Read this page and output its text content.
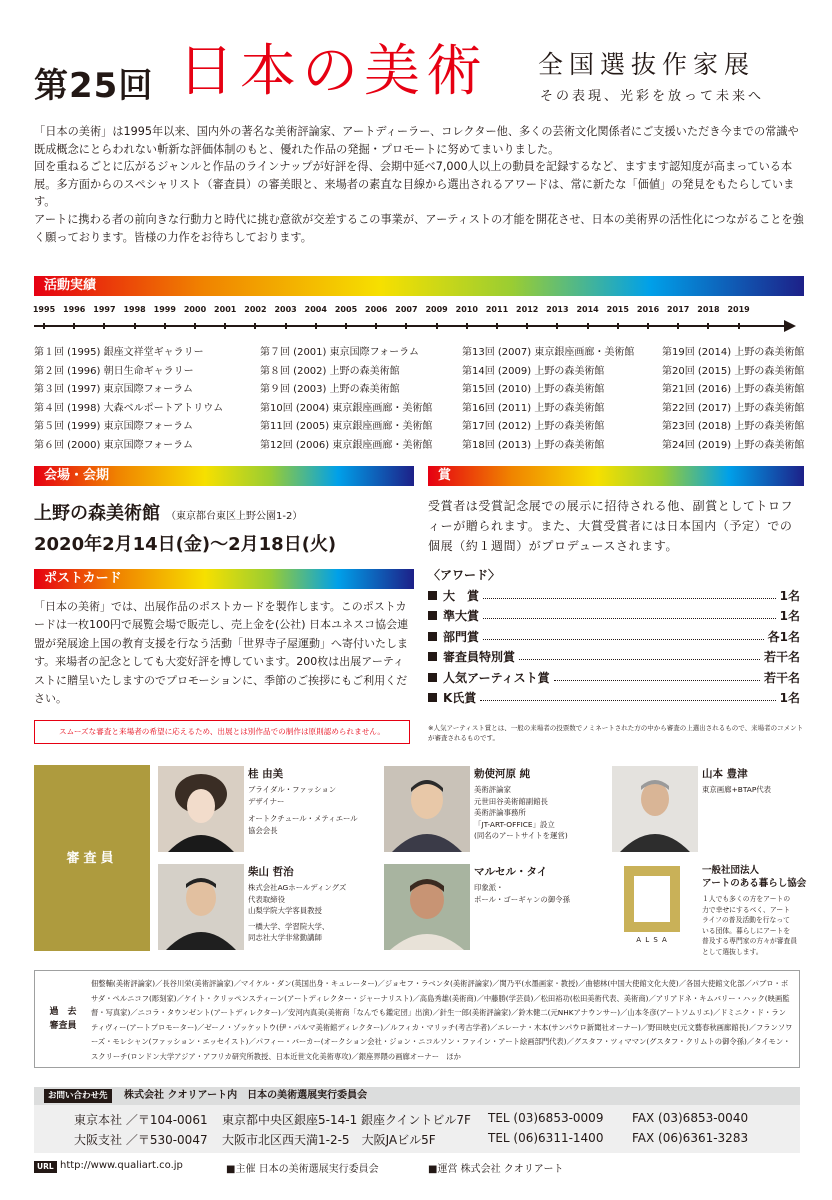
第25回 日本の美術 全国選抜作家展
その表現、光彩を放って未来へ

「日本の美術」は1995年以来、国内外の著名な美術評論家、アートディーラー、コレクター他、多くの芸術文化関係者にご支援いただき今までの常識や既成概念にとらわれない斬新な評価体制のもと、優れた作品の発掘・プロモートに努めてまいりました。

回を重ねるごとに広がるジャンルと作品のラインナップが好評を得、会期中延べ7,000人以上の動員を記録するなど、ますます認知度が高まっている本展。多方面からのスペシャリスト（審査員）の審美眼と、来場者の素直な目線から選出されるアワードは、常に新たな「価値」の発見をもたらしています。

アートに携わる者の前向きな行動力と時代に挑む意欲が交差するこの事業が、アーティストの才能を開花させ、日本の美術界の活性化につながることを強く願っております。皆様の力作をお待ちしております。

活動実績
1995 1996 1997 1998 1999 2000 2001 2002 2003 2004 2005 2006 2007 2009 2010 2011 2012 2013 2014 2015 2016 2017 2018 2019
第１回 (1995) 銀座文祥堂ギャラリー
第２回 (1996) 朝日生命ギャラリー
第３回 (1997) 東京国際フォーラム
第４回 (1998) 大森ベルポートアトリウム
第５回 (1999) 東京国際フォーラム
第６回 (2000) 東京国際フォーラム
第７回 (2001) 東京国際フォーラム
第８回 (2002) 上野の森美術館
第９回 (2003) 上野の森美術館
第10回 (2004) 東京銀座画廊・美術館
第11回 (2005) 東京銀座画廊・美術館
第12回 (2006) 東京銀座画廊・美術館
第13回 (2007) 東京銀座画廊・美術館
第14回 (2009) 上野の森美術館
第15回 (2010) 上野の森美術館
第16回 (2011) 上野の森美術館
第17回 (2012) 上野の森美術館
第18回 (2013) 上野の森美術館
第19回 (2014) 上野の森美術館
第20回 (2015) 上野の森美術館
第21回 (2016) 上野の森美術館
第22回 (2017) 上野の森美術館
第23回 (2018) 上野の森美術館
第24回 (2019) 上野の森美術館
会場・会期
上野の森美術館 （東京都台東区上野公園1-2）
2020年2月14日(金)〜2月18日(火)
賞
受賞者は受賞記念展での展示に招待される他、副賞としてトロフィーが贈られます。また、大賞受賞者には日本国内（予定）での個展（約１週間）がプロデュースされます。
〈アワード〉
大　賞	1名
準大賞	1名
部門賞	各1名
審査員特別賞	若干名
人気アーティスト賞	若干名
K氏賞	1名
※人気アーティスト賞とは、一般の来場者の投票数でノミネートされた方の中から審査の上選出されるもので、来場者のコメントが審査されるものです。
ポストカード
「日本の美術」では、出展作品のポストカードを製作します。このポストカードは一枚100円で展覧会場で販売し、売上金を(公社) 日本ユネスコ協会連盟が発展途上国の教育支援を行なう活動「世界寺子屋運動」へ寄付いたします。来場者の記念としても大変好評を博しています。200枚は出展アーティストに贈呈いたしますのでプロモーションに、季節のご挨拶にもご利用ください。
スムーズな審査と来場者の希望に応えるため、出展とは別作品での制作は原則認められません。
審査員
桂 由美
ブライダル・ファッション
デザイナー
オートクチュール・メティエール
協会会長
勅使河原 純
美術評論家
元世田谷美術館副館長
美術評論事務所
「JT-ART-OFFICE」設立
(同名のアートサイトを運営)
山本 豊津
東京画廊+BTAP代表
柴山 哲治
株式会社AGホールディングズ
代表取締役
山梨学院大学客員教授
一橋大学、学習院大学、
同志社大学非常勤講師
マルセル・タイ
印象派・
ポール・ゴーギャンの御令孫
A L S A
一般社団法人
アートのある暮らし協会
１人でも多くの方をアートの
力で幸せにするべく、アート
ライフの普及活動を行なって
いる団体。暮らしにアートを
普及する専門家の方々が審査員
として選抜します。
過　去
審査員
佃整輔(美術評論家)／長谷川栄(美術評論家)／マイケル・ダン(英国出身・キュレーター)／ジョセフ・ラベンタ(美術評論家)／関乃平(水墨画家・教授)／曲徳林(中国大使館文化大使)／各国大使館文化部／パブロ・ボサダ・ペルニコフ(彫刻家)／ケイト・クリッペンスティーン(アートディレクター・ジャーナリスト)／高島秀雄(美術商)／中藤勝(学芸員)／松田裕功(松田美術代表、美術商)／アリアドネ・キムバリー・ハック(映画監督・写真家)／ニコラ・タウンゼント(アートディレクター)／安河内真美(美術商「なんでも鑑定団」出演)／針生一郎(美術評論家)／鈴木健二(元NHKアナウンサー)／山本冬彦(アートソムリエ)／ドミニク・ド・ランティヴィー(アートプロモーター)／ゼーノ・ゾッケットウ(伊・パルマ美術館ディレクター)／ルフィカ・マリッチ(考古学者)／エレーナ・木本(サンパウロ新聞社オーナー)／野田映史(元文藝春秋画廊館長)／フランソワーズ・モレシャン(ファッション・エッセイスト)／パフィー・バーカー(オークション会社・ジョン・ニコルソン・ファイン・アート絵画部門代表)／グスタフ・ツィママン(グスタフ・クリムトの御令孫)／タイモン・スクリーチ(ロンドン大学アジア・アフリカ研究所教授、日本近世文化美術専攻)／銀座界隈の画廊オーナー　ほか
お問い合わせ先	株式会社 クオリアート内　日本の美術選展実行委員会
東京本社 ／〒104-0061 東京都中央区銀座5-14-1 銀座クイントビル7F TEL (03)6853-0009 FAX (03)6853-0040
大阪支社 ／〒530-0047 大阪市北区西天満1-2-5　大阪JAビル5F	TEL (06)6311-1400 FAX (06)6361-3283
URL http://www.qualiart.co.jp	■主催 日本の美術選展実行委員会	■運営 株式会社 クオリアート
